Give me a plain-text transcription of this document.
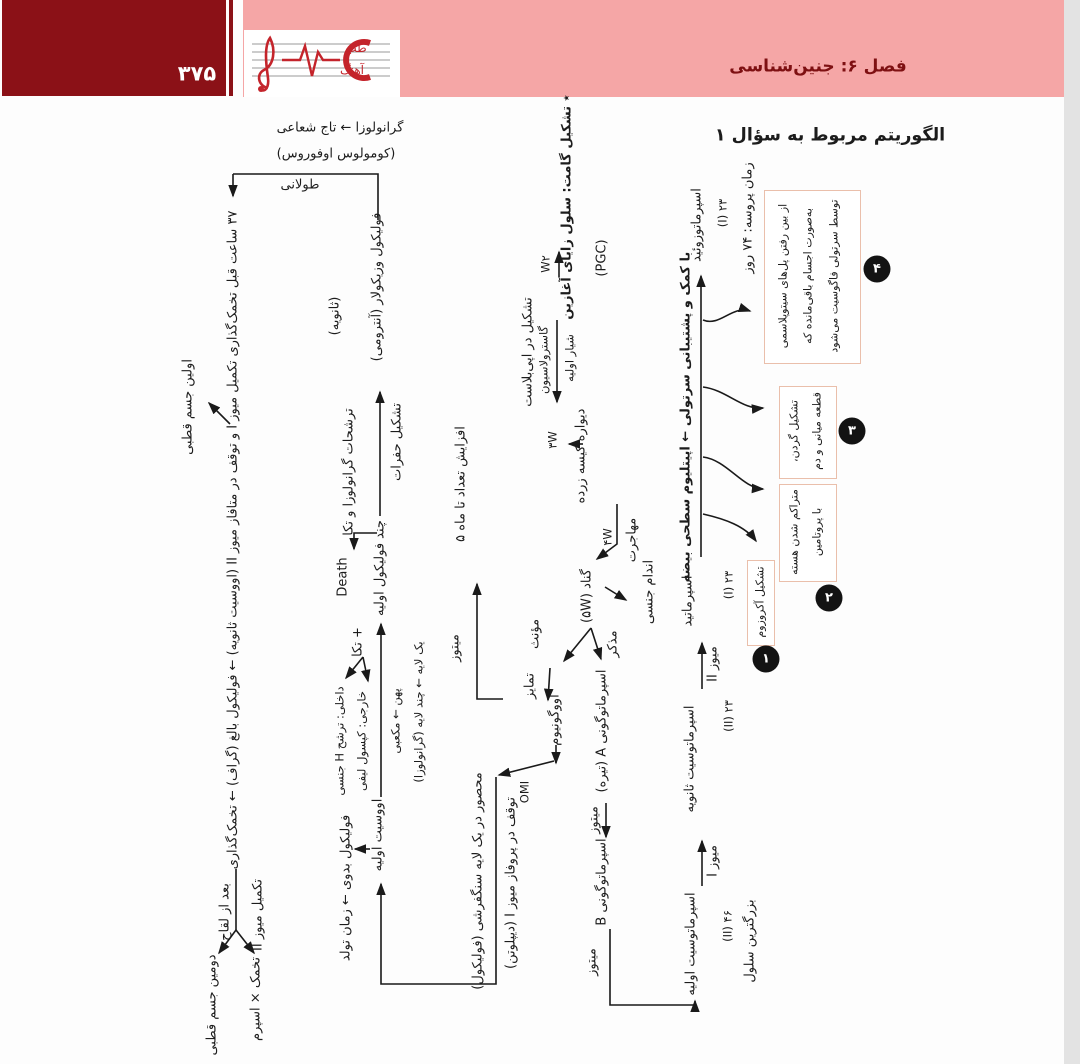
۳۷۵	فصل ۶: جنین‌شناسی
طب
آهنگ
الگوریتم مربوط به سؤال ۱
گرانولوزا ← تاج شعاعی
(کومولوس اوفوروس)
طولانی
۳۷ ساعت قبل تخمک‌گذاری تکمیل میوز I و توقف در متافاز میوز II (اووسیت ثانویه) ← فولیکول بالغ (گراف) ← تخمک‌گذاری
اولین جسم قطبی
فولیکول وزیکولار (آنترومی)
(ثانویه)
ترشحات گرانولوزا و تکا	تشکیل حفرات
چند فولیکول اولیه
Death
+ تکا
داخلی: ترشح H جنسی خارجی: کپسول لیفی پهن ← مکعبی یک لایه ← چند لایه (گرانولوزا)
اووسیت اولیه
فولیکول بدوی ← زمان تولد	محصور در یک لایه سنگفرشی (فولیکول) توقف در پروفاز میوز I (دیپلوتن)
OMI
افزایش تعداد تا ماه ۵
میتوز
تمایز
اووگونیوم
مؤنث	مذکر
بعد از لقاح
تکمیل میوز II
دومین جسم قطبی تخمک × اسپرم
٭ تشکیل گامت: سلول زایای آغازین (PGC)
W۲
تشکیل در اپی‌بلاست گاسترولاسیون شیار اولیه
دیواره کیسه زرده
۳W
مهاجرت
۴W
گناد (۵W)	اندام جنسی
اسپرماتوگونی A (تیره)
میتوز
اسپرماتوگونی B
میتوز	اسپرماتوسیت اولیه
میوز I
اسپرماتوسیت ثانویه
میوز II
اسپرماتید ۲۳ (I)
۲۳ (II)
۴۶ (II) بزرگترین سلول
اسپرماتوزوئید ۲۳ (I)
زمان پروسه: ۷۴ روز
با کمک و پشتیبانی سرتولی ← اپیتلیوم سطحی بیضه
تشکیل آکروزوم
۱
متراکم شدن هسته با پروتامین
۲
تشکیل گردن، قطعه میانی و دم	۳
از بین رفتن پل‌های سیتوپلاسمی به‌صورت اجسام باقی‌مانده که توسط سرتولی فاگوسیت می‌شود	۴
